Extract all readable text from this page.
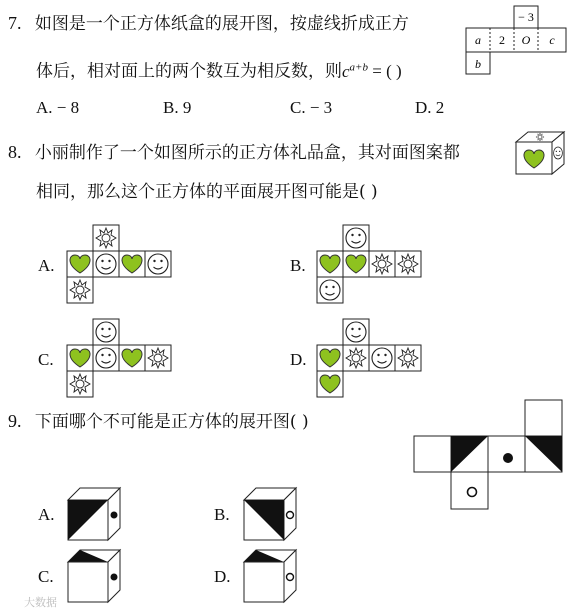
7. 如图是一个正方体纸盒的展开图，按虚线折成正方
体后，相对面上的两个数互为相反数，则$c^{a+b}$ = ( )
A. − 8	B. 9	C. − 3	D. 2
− 3
a 2 O c
b
8. 小丽制作了一个如图所示的正方体礼品盒，其对面图案都
相同，那么这个正方体的平面展开图可能是( )
A.	B.
C.	D.
9. 下面哪个不可能是正方体的展开图( )
A.	B.
C.	D.
大数据
